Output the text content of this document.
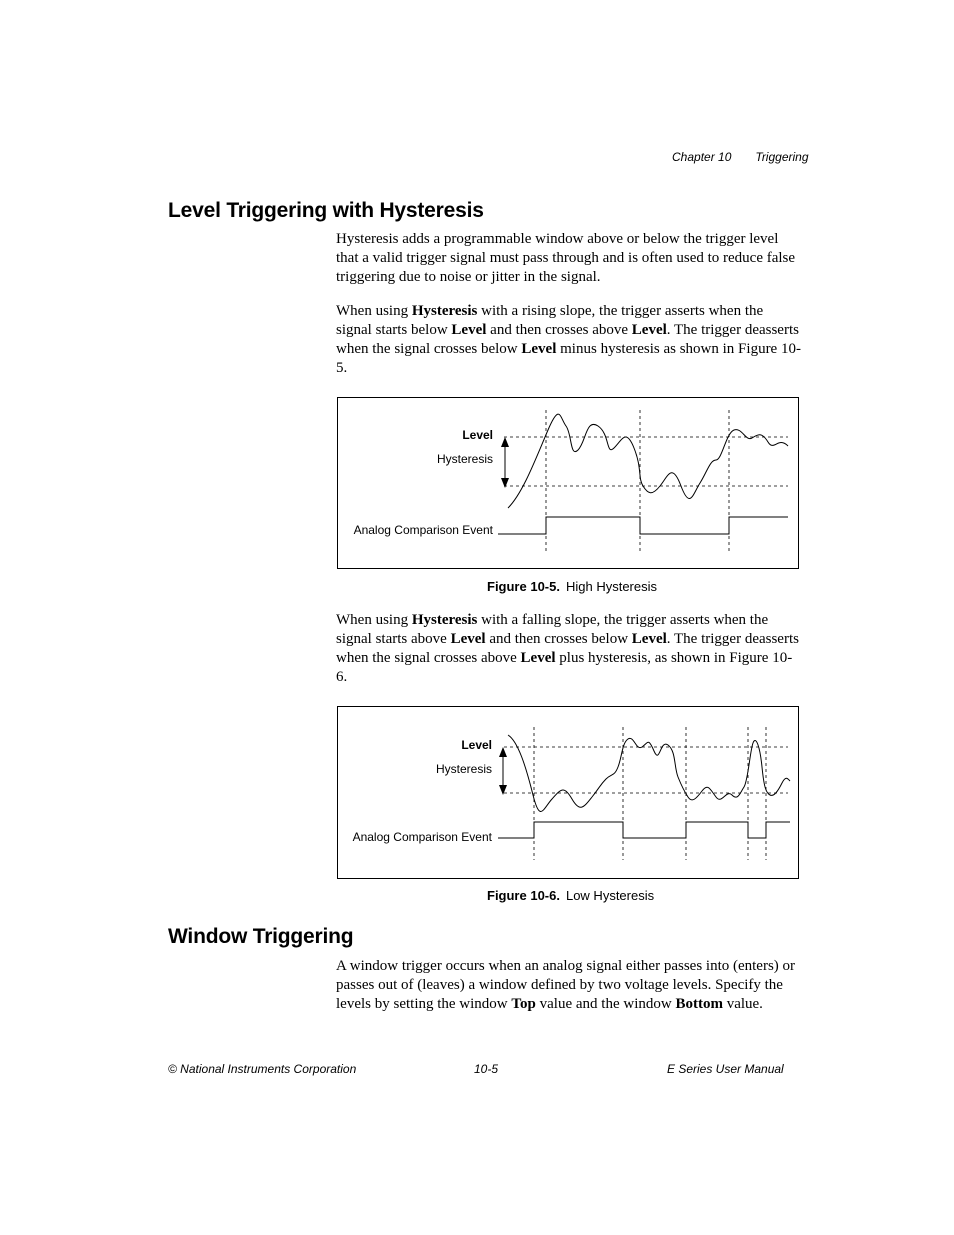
Chapter 10 Triggering
Level Triggering with Hysteresis

Hysteresis adds a programmable window above or below the trigger level that a valid trigger signal must pass through and is often used to reduce false triggering due to noise or jitter in the signal.

When using Hysteresis with a rising slope, the trigger asserts when the signal starts below Level and then crosses above Level. The trigger deasserts when the signal crosses below Level minus hysteresis as shown in Figure 10-5.

Level
Hysteresis
Analog Comparison Event
Figure 10-5. High Hysteresis

When using Hysteresis with a falling slope, the trigger asserts when the signal starts above Level and then crosses below Level. The trigger deasserts when the signal crosses above Level plus hysteresis, as shown in Figure 10-6.

Level
Hysteresis
Analog Comparison Event
Figure 10-6. Low Hysteresis
Window Triggering

A window trigger occurs when an analog signal either passes into (enters) or passes out of (leaves) a window defined by two voltage levels. Specify the levels by setting the window Top value and the window Bottom value.

© National Instruments Corporation	10-5	E Series User Manual
